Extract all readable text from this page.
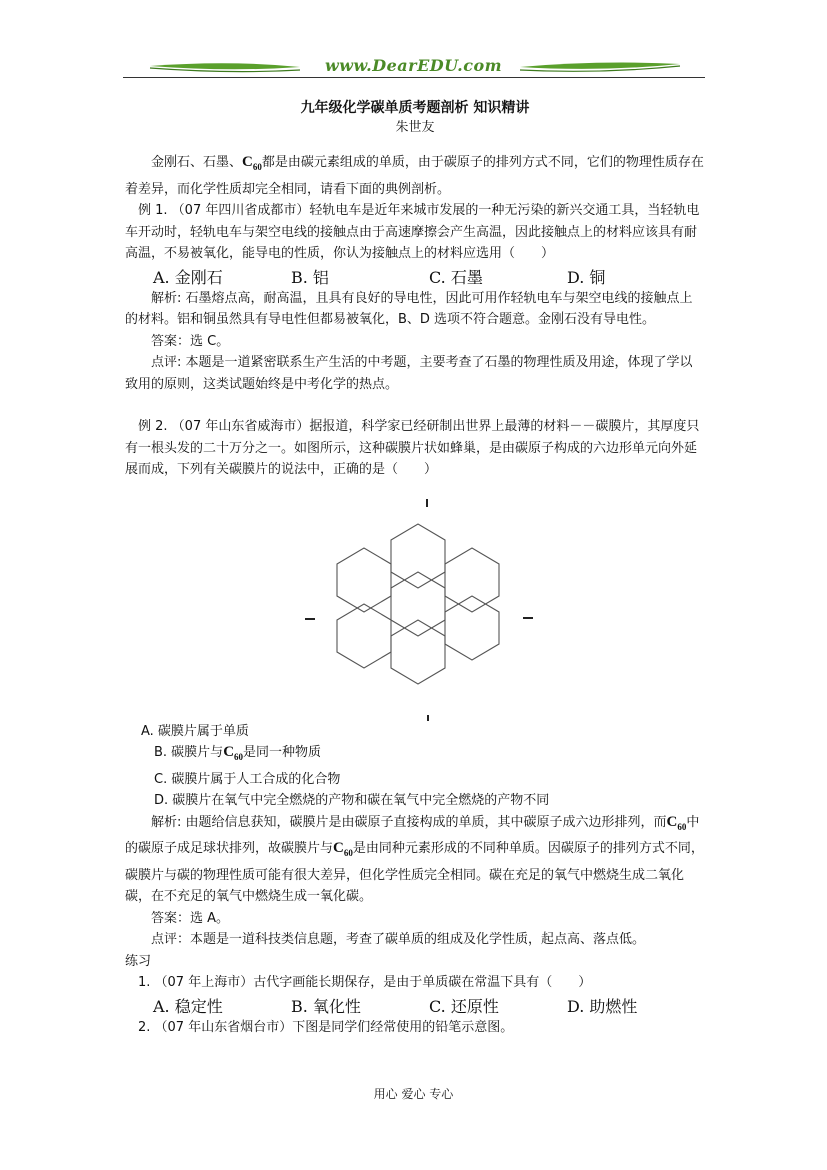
www.DearEDU.com

九年级化学碳单质考题剖析 知识精讲

朱世友

金刚石、石墨、$C_{60}$都是由碳元素组成的单质，由于碳原子的排列方式不同，它们的物理性质存在着差异，而化学性质却完全相同，请看下面的典例剖析。

例 1. （07 年四川省成都市）轻轨电车是近年来城市发展的一种无污染的新兴交通工具，当轻轨电车开动时，轻轨电车与架空电线的接触点由于高速摩擦会产生高温，因此接触点上的材料应该具有耐高温，不易被氧化，能导电的性质，你认为接触点上的材料应选用（　　）

A. 金刚石	B. 铝	C. 石墨	D. 铜

解析: 石墨熔点高，耐高温，且具有良好的导电性，因此可用作轻轨电车与架空电线的接触点上的材料。铝和铜虽然具有导电性但都易被氧化，B、D 选项不符合题意。金刚石没有导电性。

答案：选 C。

点评: 本题是一道紧密联系生产生活的中考题，主要考查了石墨的物理性质及用途，体现了学以致用的原则，这类试题始终是中考化学的热点。

例 2. （07 年山东省威海市）据报道，科学家已经研制出世界上最薄的材料－－碳膜片，其厚度只有一根头发的二十万分之一。如图所示，这种碳膜片状如蜂巢，是由碳原子构成的六边形单元向外延展而成，下列有关碳膜片的说法中，正确的是（　　）

A. 碳膜片属于单质

B. 碳膜片与$C_{60}$是同一种物质

C. 碳膜片属于人工合成的化合物

D. 碳膜片在氧气中完全燃烧的产物和碳在氧气中完全燃烧的产物不同

解析: 由题给信息获知，碳膜片是由碳原子直接构成的单质，其中碳原子成六边形排列，而$C_{60}$中的碳原子成足球状排列，故碳膜片与$C_{60}$是由同种元素形成的不同种单质。因碳原子的排列方式不同，碳膜片与碳的物理性质可能有很大差异，但化学性质完全相同。碳在充足的氧气中燃烧生成二氧化碳，在不充足的氧气中燃烧生成一氧化碳。

答案：选 A。

点评：本题是一道科技类信息题，考查了碳单质的组成及化学性质，起点高、落点低。

练习

1. （07 年上海市）古代字画能长期保存，是由于单质碳在常温下具有（　　）

A. 稳定性	B. 氧化性	C. 还原性	D. 助燃性

2. （07 年山东省烟台市）下图是同学们经常使用的铅笔示意图。

用心 爱心 专心
